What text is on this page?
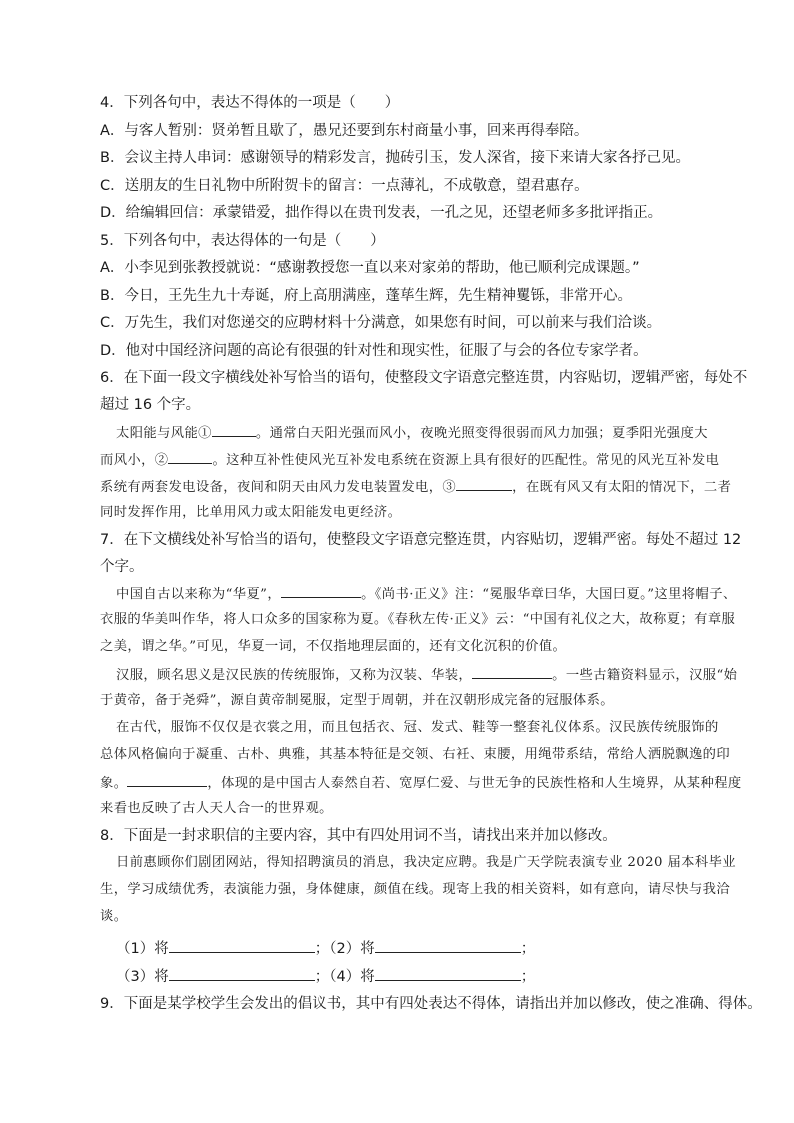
4．下列各句中，表达不得体的一项是（　　）
A．与客人暂别：贤弟暂且歇了，愚兄还要到东村商量小事，回来再得奉陪。
B．会议主持人串词：感谢领导的精彩发言，抛砖引玉，发人深省，接下来请大家各抒己见。
C．送朋友的生日礼物中所附贺卡的留言：一点薄礼，不成敬意，望君惠存。
D．给编辑回信：承蒙错爱，拙作得以在贵刊发表，一孔之见，还望老师多多批评指正。
5．下列各句中，表达得体的一句是（　　）
A．小李见到张教授就说：“感谢教授您一直以来对家弟的帮助，他已顺利完成课题。”
B．今日，王先生九十寿诞，府上高朋满座，蓬荜生辉，先生精神矍铄，非常开心。
C．万先生，我们对您递交的应聘材料十分满意，如果您有时间，可以前来与我们洽谈。
D．他对中国经济问题的高论有很强的针对性和现实性，征服了与会的各位专家学者。
6．在下面一段文字横线处补写恰当的语句，使整段文字语意完整连贯，内容贴切，逻辑严密，每处不
超过 16 个字。
太阳能与风能①	。通常白天阳光强而风小，夜晚光照变得很弱而风力加强；夏季阳光强度大
而风小，②	。这种互补性使风光互补发电系统在资源上具有很好的匹配性。常见的风光互补发电
系统有两套发电设备，夜间和阴天由风力发电装置发电，③	，在既有风又有太阳的情况下，二者
同时发挥作用，比单用风力或太阳能发电更经济。
7．在下文横线处补写恰当的语句，使整段文字语意完整连贯，内容贴切，逻辑严密。每处不超过 12
个字。
中国自古以来称为“华夏”，	。《尚书·正义》注：“冕服华章曰华，大国曰夏。”这里将帽子、
衣服的华美叫作华，将人口众多的国家称为夏。《春秋左传·正义》云：“中国有礼仪之大，故称夏；有章服
之美，谓之华。”可见，华夏一词，不仅指地理层面的，还有文化沉积的价值。
汉服，顾名思义是汉民族的传统服饰，又称为汉装、华装，	。一些古籍资料显示，汉服“始
于黄帝，备于尧舜”，源自黄帝制冕服，定型于周朝，并在汉朝形成完备的冠服体系。
在古代，服饰不仅仅是衣裳之用，而且包括衣、冠、发式、鞋等一整套礼仪体系。汉民族传统服饰的
总体风格偏向于凝重、古朴、典雅，其基本特征是交领、右衽、束腰，用绳带系结，常给人洒脱飘逸的印
象。	，体现的是中国古人泰然自若、宽厚仁爱、与世无争的民族性格和人生境界，从某种程度
来看也反映了古人天人合一的世界观。
8．下面是一封求职信的主要内容，其中有四处用词不当，请找出来并加以修改。
日前惠顾你们剧团网站，得知招聘演员的消息，我决定应聘。我是广天学院表演专业 2020 届本科毕业
生，学习成绩优秀，表演能力强，身体健康，颜值在线。现寄上我的相关资料，如有意向，请尽快与我洽
谈。
（1）将	；（2）将	；
（3）将	；（4）将	；
9．下面是某学校学生会发出的倡议书，其中有四处表达不得体，请指出并加以修改，使之准确、得体。
